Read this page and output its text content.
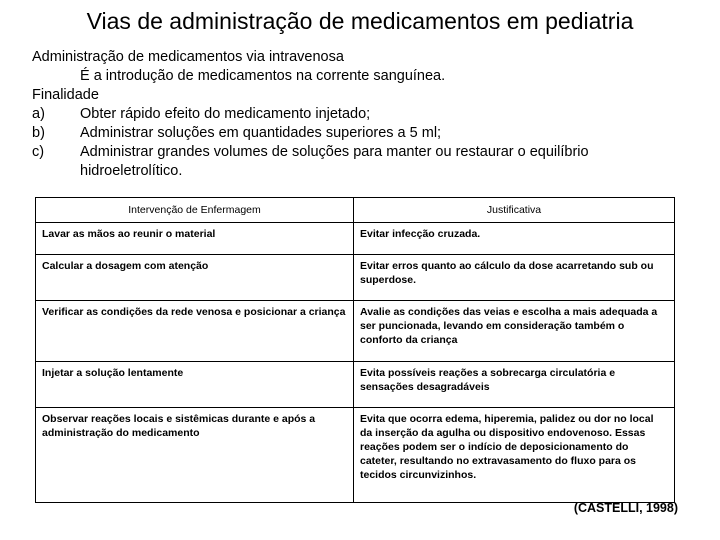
Vias de administração de medicamentos em pediatria
Administração de medicamentos via intravenosa
É a introdução de medicamentos na corrente sanguínea.
Finalidade
a)	Obter rápido efeito do medicamento injetado;
b)	Administrar soluções em quantidades superiores a 5 ml;
c)	Administrar grandes volumes de soluções para manter ou restaurar o equilíbrio hidroeletrolítico.
Intervenção de Enfermagem	Justificativa
Lavar as mãos ao reunir o material	Evitar infecção cruzada.
Calcular a dosagem com atenção	Evitar erros quanto ao cálculo da dose acarretando sub ou superdose.
Verificar as condições da rede venosa e posicionar a criança	Avalie as condições das veias e escolha a mais adequada a ser puncionada, levando em consideração também o conforto da criança
Injetar a solução lentamente	Evita possíveis reações a sobrecarga circulatória e sensações desagradáveis
Observar reações locais e sistêmicas durante e após a administração do medicamento	Evita que ocorra edema, hiperemia, palidez ou dor no local da inserção da agulha ou dispositivo endovenoso. Essas reações podem ser o indício de deposicionamento do cateter, resultando no extravasamento do fluxo para os tecidos circunvizinhos.
(CASTELLI, 1998)
